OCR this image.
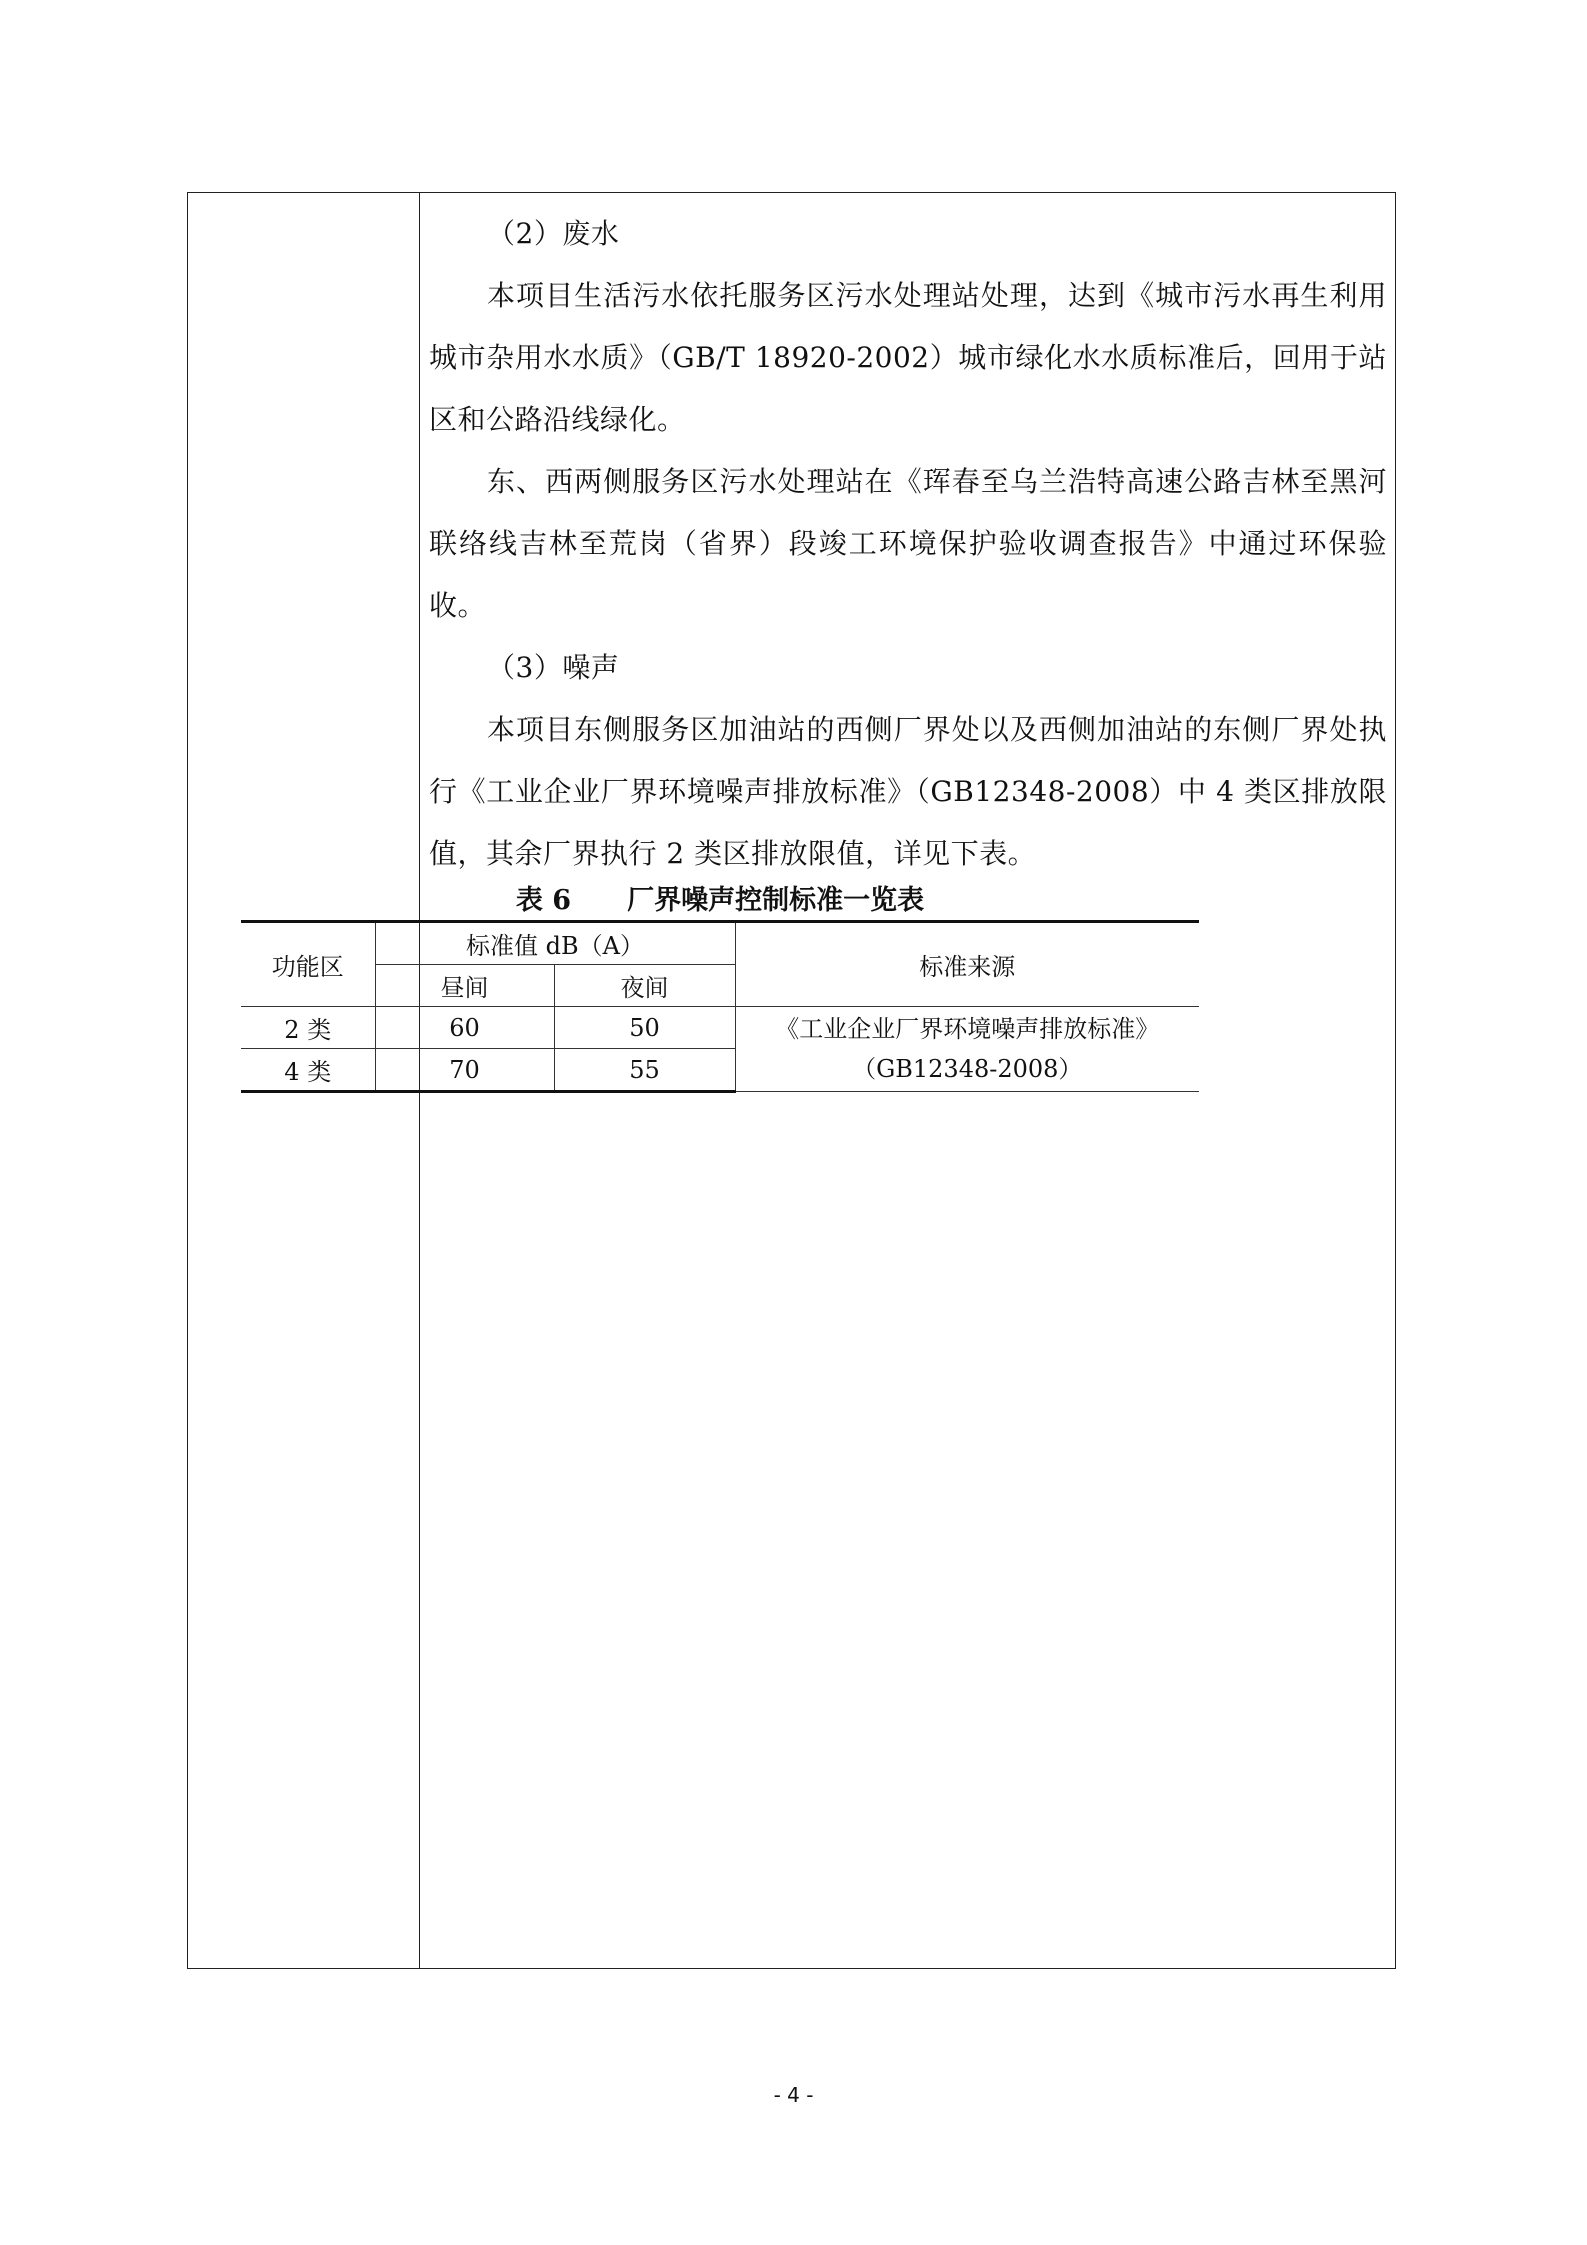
（2）废水

本项目生活污水依托服务区污水处理站处理，达到《城市污水再生利用 城市杂用水水质》（GB/T 18920-2002）城市绿化水水质标准后，回用于站区和公路沿线绿化。

东、西两侧服务区污水处理站在《珲春至乌兰浩特高速公路吉林至黑河联络线吉林至荒岗（省界）段竣工环境保护验收调查报告》中通过环保验收。

（3）噪声

本项目东侧服务区加油站的西侧厂界处以及西侧加油站的东侧厂界处执行《工业企业厂界环境噪声排放标准》（GB12348-2008）中 4 类区排放限值，其余厂界执行 2 类区排放限值，详见下表。

表 6 厂界噪声控制标准一览表
功能区	标准值 dB（A）		标准来源
	昼间	夜间	
2 类	60	50	《工业企业厂界环境噪声排放标准》
（GB12348-2008）

4 类	70	55	
- 4 -
